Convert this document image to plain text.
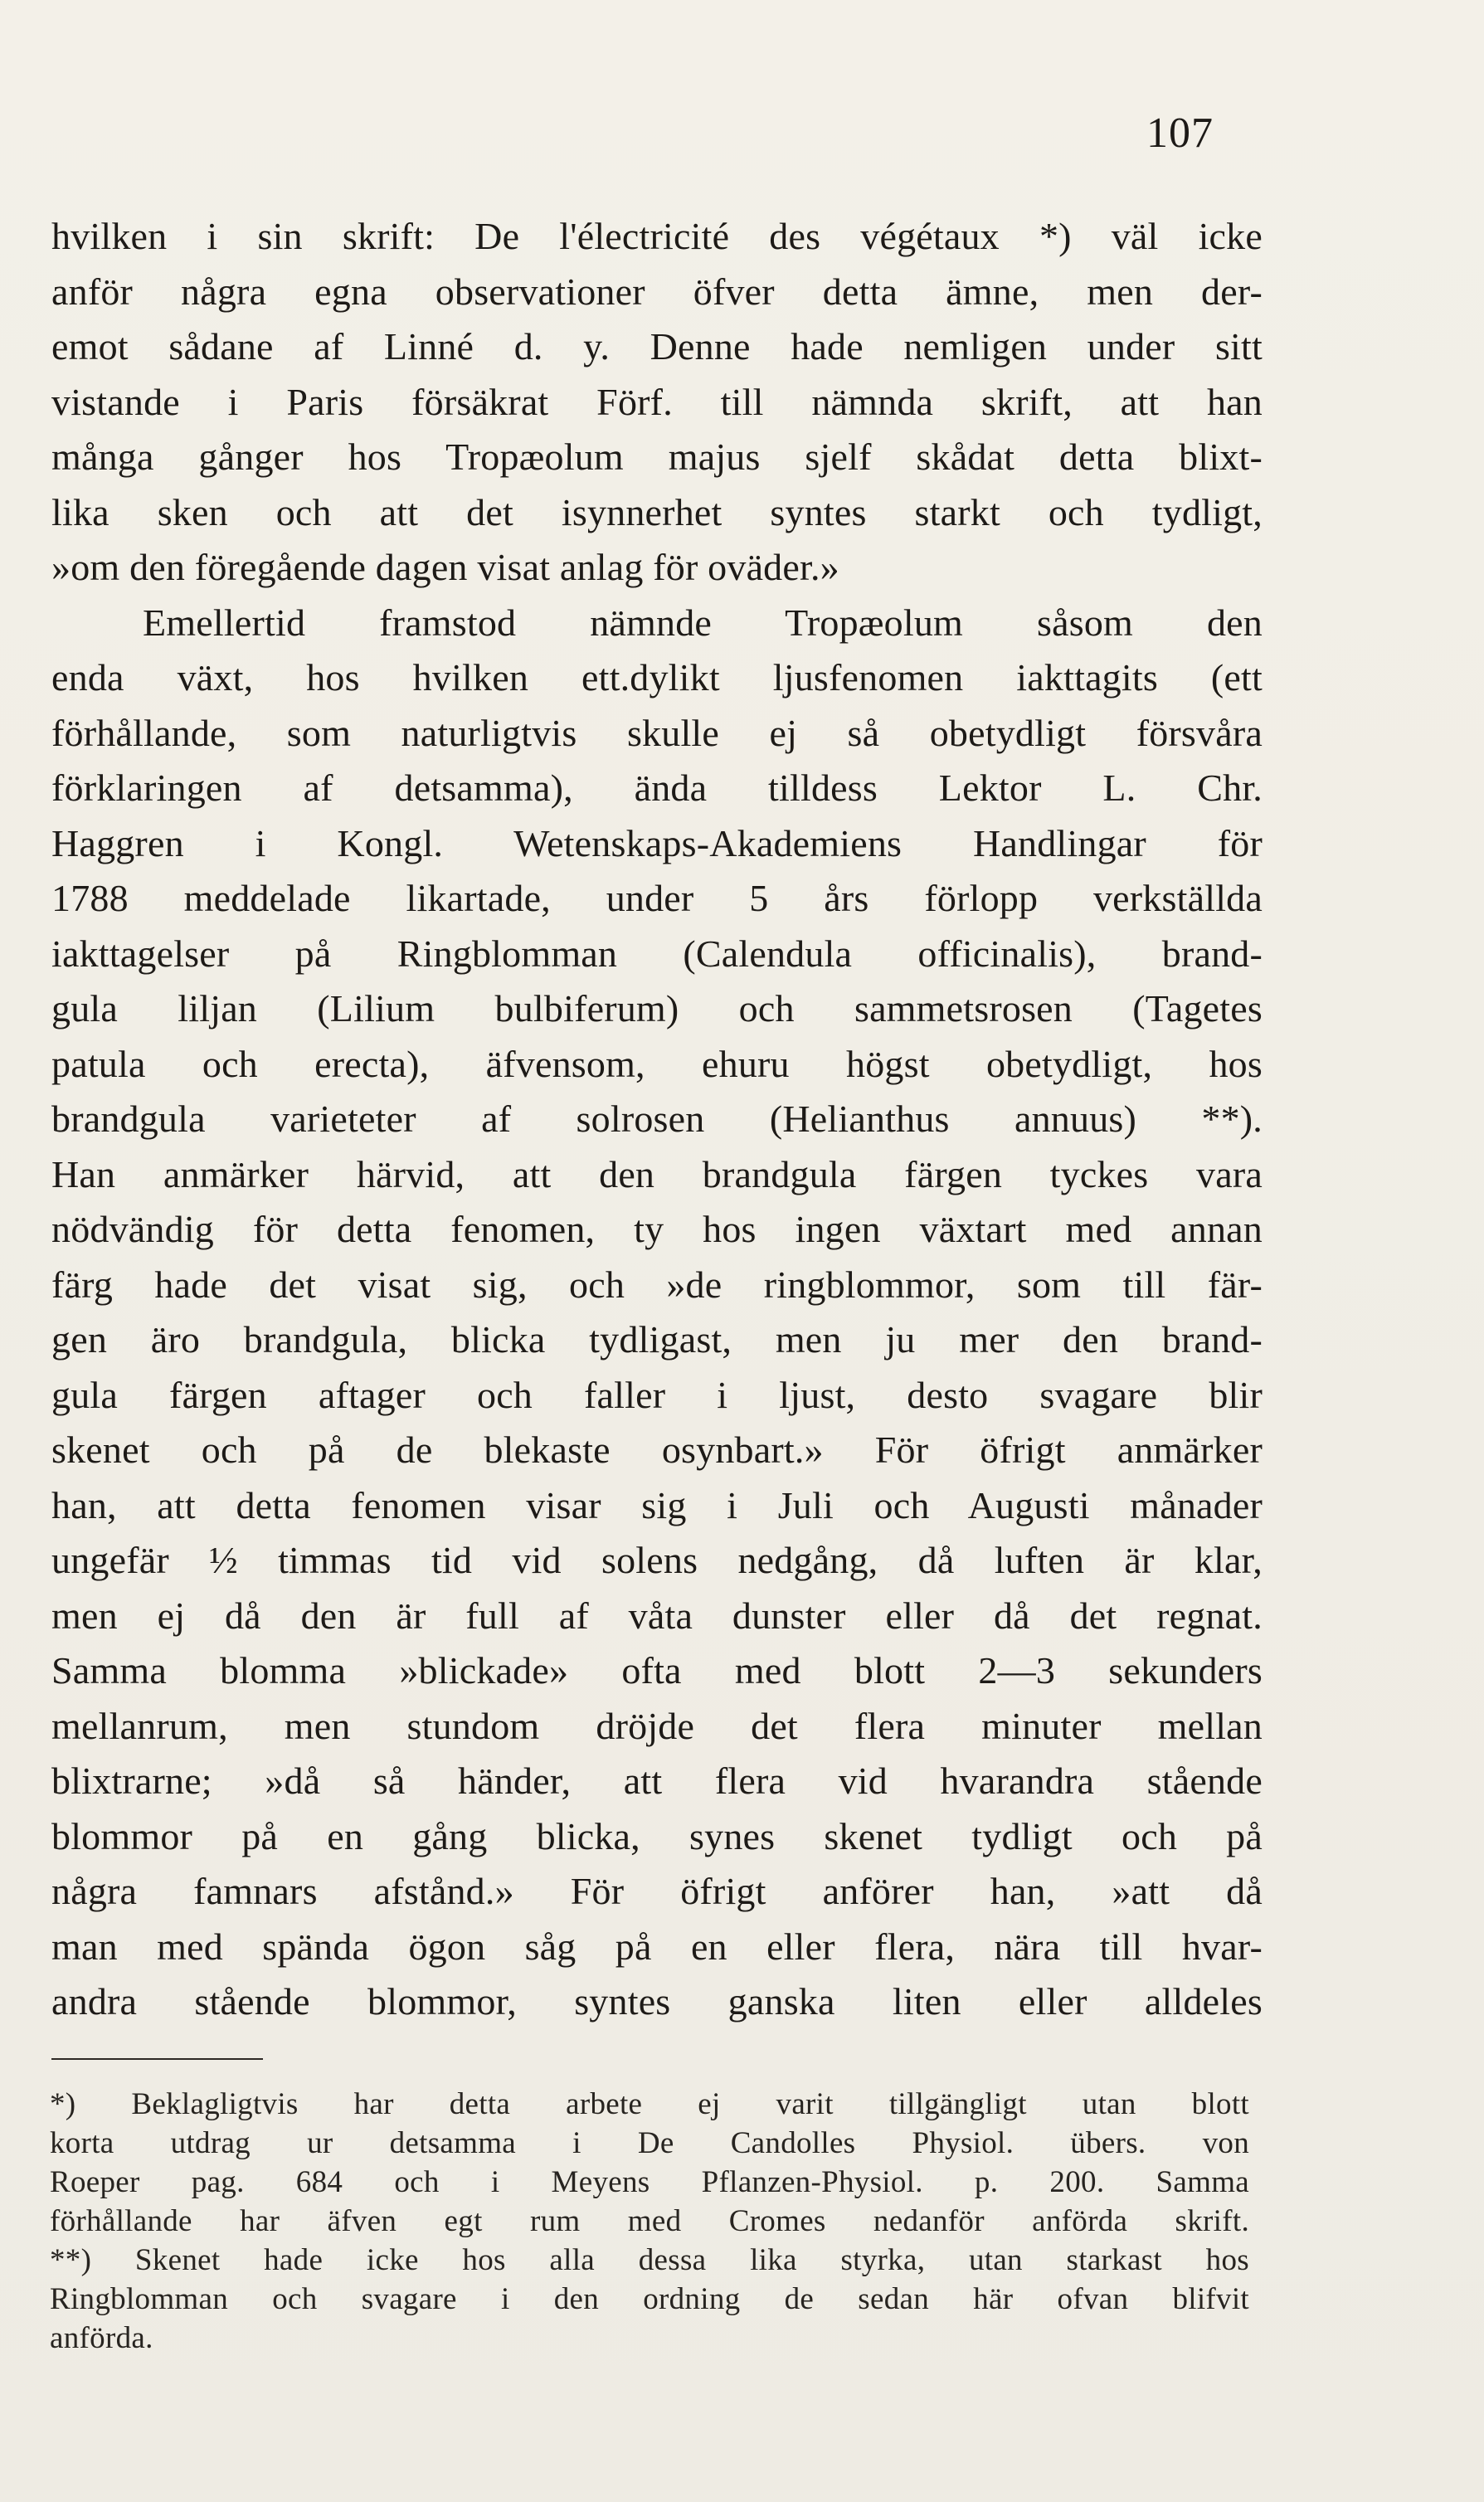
107
hvilken i sin skrift: De l'électricité des végétaux *) väl icke
anför några egna observationer öfver detta ämne, men der-
emot sådane af Linné d. y. Denne hade nemligen under sitt
vistande i Paris försäkrat Förf. till nämnda skrift, att han
många gånger hos Tropæolum majus sjelf skådat detta blixt-
lika sken och att det isynnerhet syntes starkt och tydligt,
»om den föregående dagen visat anlag för oväder.»
Emellertid framstod nämnde Tropæolum såsom den
enda växt, hos hvilken ett.dylikt ljusfenomen iakttagits (ett
förhållande, som naturligtvis skulle ej så obetydligt försvåra
förklaringen af detsamma), ända tilldess Lektor L. Chr.
Haggren i Kongl. Wetenskaps-Akademiens Handlingar för
1788 meddelade likartade, under 5 års förlopp verkställda
iakttagelser på Ringblomman (Calendula officinalis), brand-
gula liljan (Lilium bulbiferum) och sammetsrosen (Tagetes
patula och erecta), äfvensom, ehuru högst obetydligt, hos
brandgula varieteter af solrosen (Helianthus annuus) **).
Han anmärker härvid, att den brandgula färgen tyckes vara
nödvändig för detta fenomen, ty hos ingen växtart med annan
färg hade det visat sig, och »de ringblommor, som till fär-
gen äro brandgula, blicka tydligast, men ju mer den brand-
gula färgen aftager och faller i ljust, desto svagare blir
skenet och på de blekaste osynbart.» För öfrigt anmärker
han, att detta fenomen visar sig i Juli och Augusti månader
ungefär ½ timmas tid vid solens nedgång, då luften är klar,
men ej då den är full af våta dunster eller då det regnat.
Samma blomma »blickade» ofta med blott 2—3 sekunders
mellanrum, men stundom dröjde det flera minuter mellan
blixtrarne; »då så händer, att flera vid hvarandra stående
blommor på en gång blicka, synes skenet tydligt och på
några famnars afstånd.» För öfrigt anförer han, »att då
man med spända ögon såg på en eller flera, nära till hvar-
andra stående blommor, syntes ganska liten eller alldeles
*) Beklagligtvis har detta arbete ej varit tillgängligt utan blott
korta utdrag ur detsamma i De Candolles Physiol. übers. von
Roeper pag. 684 och i Meyens Pflanzen-Physiol. p. 200. Samma
förhållande har äfven egt rum med Cromes nedanför anförda skrift.
**) Skenet hade icke hos alla dessa lika styrka, utan starkast hos
Ringblomman och svagare i den ordning de sedan här ofvan blifvit
anförda.
